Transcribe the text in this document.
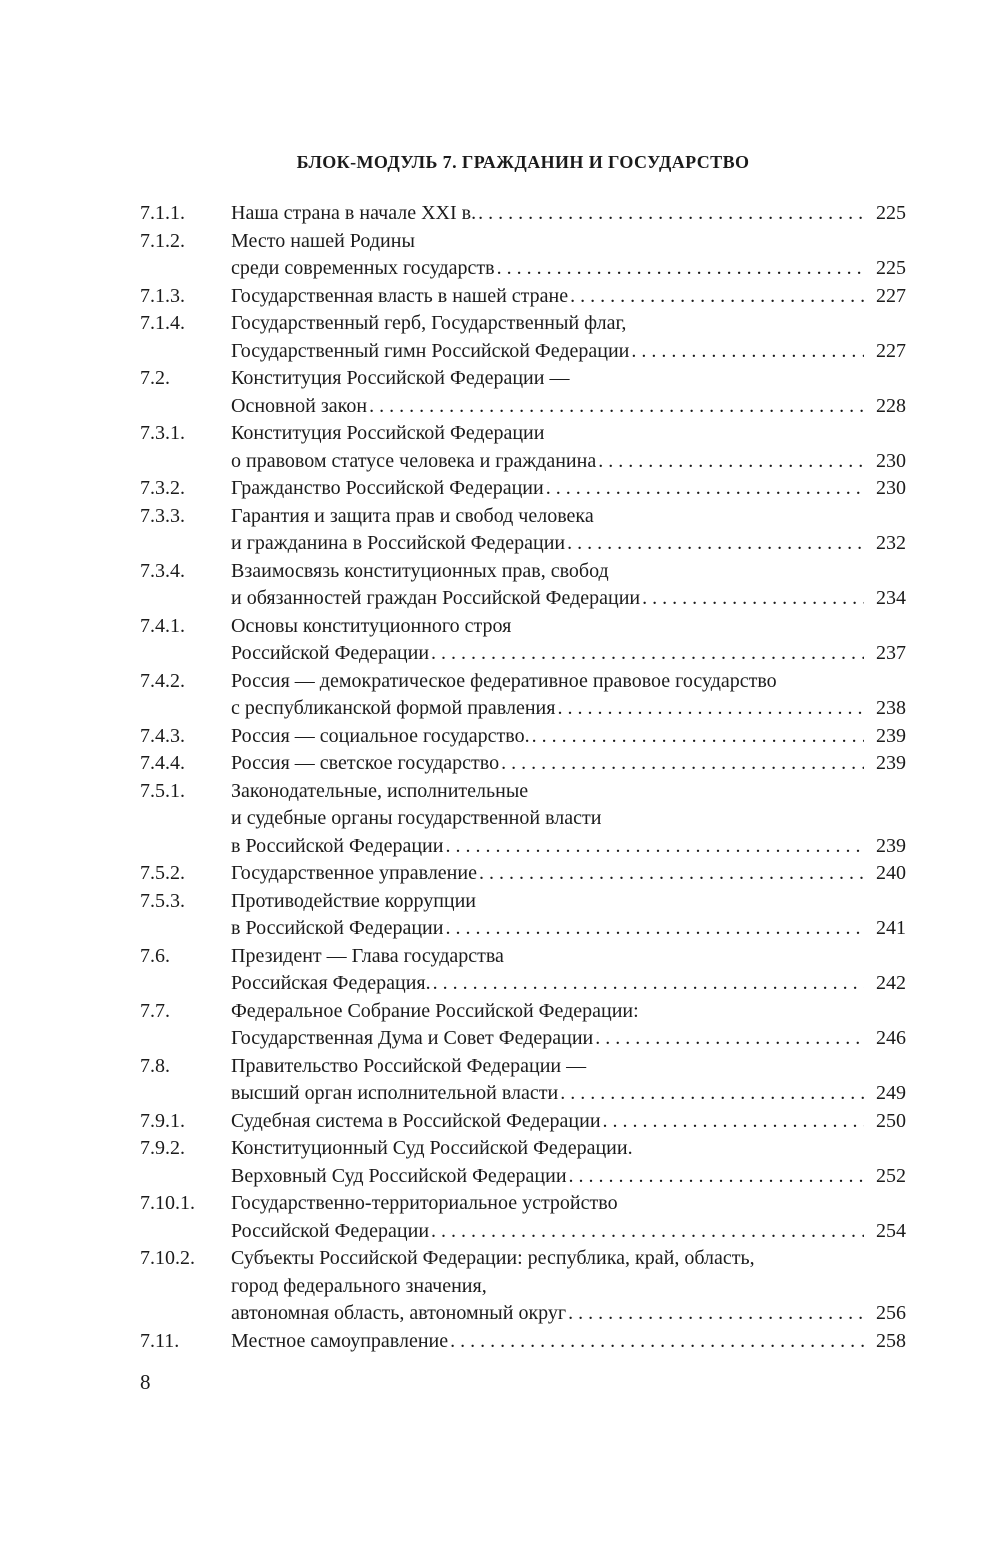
БЛОК-МОДУЛЬ 7. ГРАЖДАНИН И ГОСУДАРСТВО
7.1.1.	Наша страна в начале XXI в. .....	225
7.1.2.	Место нашей Родины
среди современных государств .....	225
7.1.3.	Государственная власть в нашей стране .....	227
7.1.4.	Государственный герб, Государственный флаг,
Государственный гимн Российской Федерации .....	227
7.2.	Конституция Российской Федерации —
Основной закон .....	228
7.3.1.	Конституция Российской Федерации
о правовом статусе человека и гражданина .....	230
7.3.2.	Гражданство Российской Федерации .....	230
7.3.3.	Гарантия и защита прав и свобод человека
и гражданина в Российской Федерации .....	232
7.3.4.	Взаимосвязь конституционных прав, свобод
и обязанностей граждан Российской Федерации .....	234
7.4.1.	Основы конституционного строя
Российской Федерации .....	237
7.4.2.	Россия — демократическое федеративное правовое государство
с республиканской формой правления .....	238
7.4.3.	Россия — социальное государство. .....	239
7.4.4.	Россия — светское государство .....	239
7.5.1.	Законодательные, исполнительные
и судебные органы государственной власти
в Российской Федерации .....	239
7.5.2.	Государственное управление .....	240
7.5.3.	Противодействие коррупции
в Российской Федерации .....	241
7.6.	Президент — Глава государства
Российская Федерация. .....	242
7.7.	Федеральное Собрание Российской Федерации:
Государственная Дума и Совет Федерации .....	246
7.8.	Правительство Российской Федерации —
высший орган исполнительной власти .....	249
7.9.1.	Судебная система в Российской Федерации .....	250
7.9.2.	Конституционный Суд Российской Федерации.
Верховный Суд Российской Федерации .....	252
7.10.1.	Государственно-территориальное устройство
Российской Федерации .....	254
7.10.2.	Субъекты Российской Федерации: республика, край, область,
город федерального значения,
автономная область, автономный округ .....	256
7.11.	Местное самоуправление .....	258
8
